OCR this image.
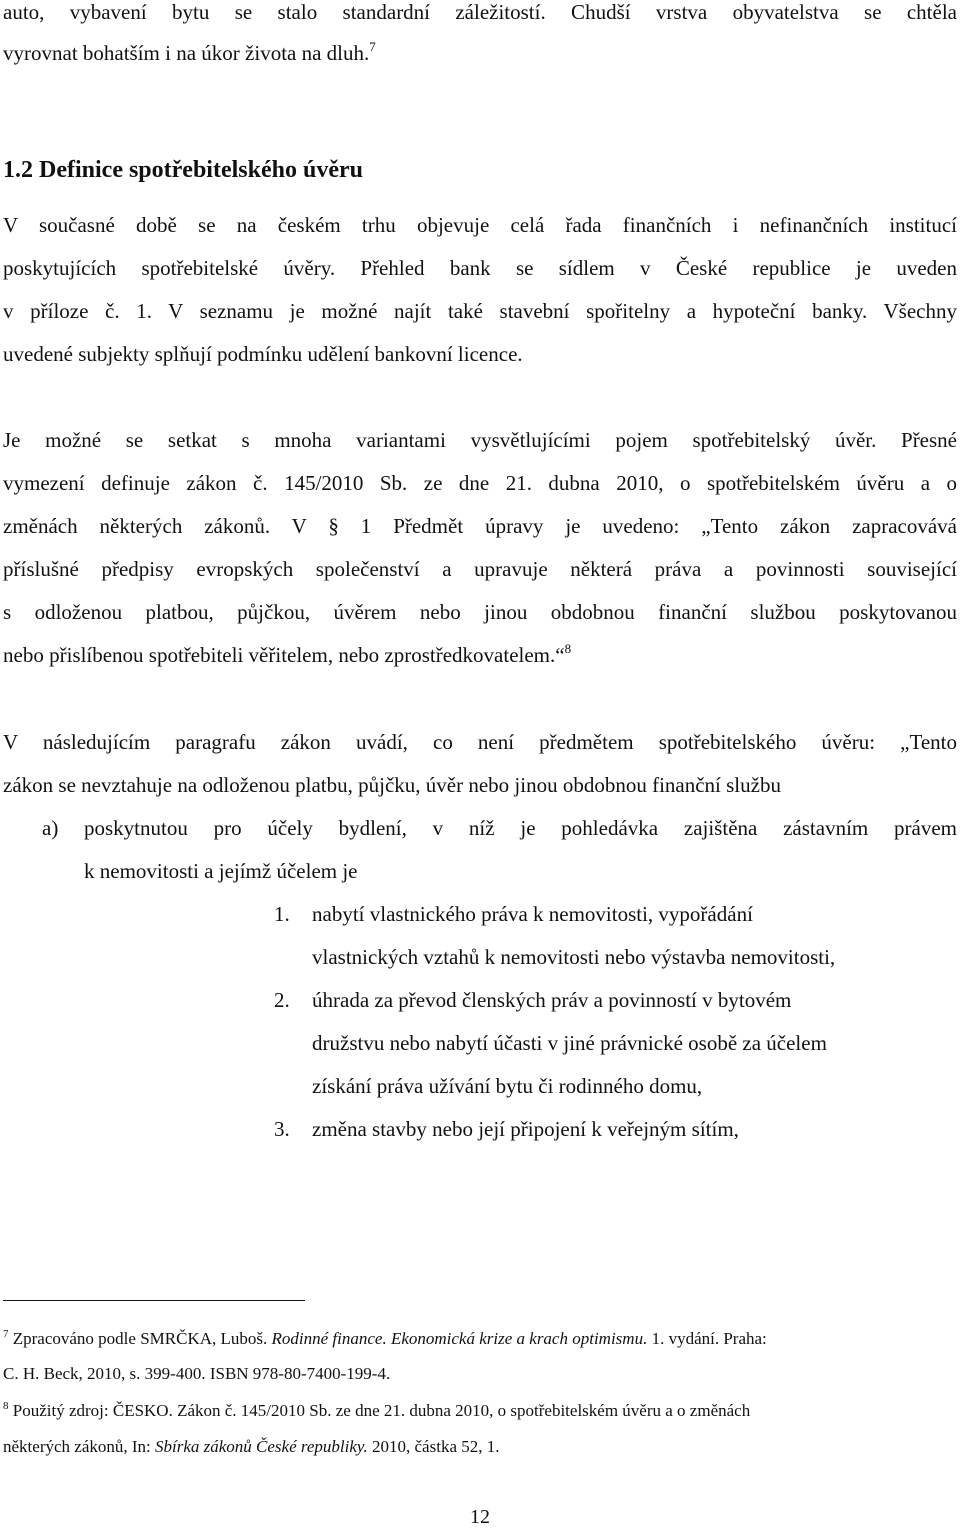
auto, vybavení bytu se stalo standardní záležitostí. Chudší vrstva obyvatelstva se chtěla
vyrovnat bohatším i na úkor života na dluh.$^7$
1.2 Definice spotřebitelského úvěru
V současné době se na českém trhu objevuje celá řada finančních i nefinančních institucí
poskytujících spotřebitelské úvěry. Přehled bank se sídlem v České republice je uveden
v příloze č. 1. V seznamu je možné najít také stavební spořitelny a hypoteční banky. Všechny
uvedené subjekty splňují podmínku udělení bankovní licence.
Je možné se setkat s mnoha variantami vysvětlujícími pojem spotřebitelský úvěr. Přesné
vymezení definuje zákon č. 145/2010 Sb. ze dne 21. dubna 2010, o spotřebitelském úvěru a o
změnách některých zákonů. V § 1 Předmět úpravy je uvedeno: „Tento zákon zapracovává
příslušné předpisy evropských společenství a upravuje některá práva a povinnosti související
s odloženou platbou, půjčkou, úvěrem nebo jinou obdobnou finanční službou poskytovanou
nebo přislíbenou spotřebiteli věřitelem, nebo zprostředkovatelem.“$^8$
V následujícím paragrafu zákon uvádí, co není předmětem spotřebitelského úvěru: „Tento
zákon se nevztahuje na odloženou platbu, půjčku, úvěr nebo jinou obdobnou finanční službu
a) poskytnutou pro účely bydlení, v níž je pohledávka zajištěna zástavním právem
k nemovitosti a jejímž účelem je
1. nabytí vlastnického práva k nemovitosti, vypořádání
vlastnických vztahů k nemovitosti nebo výstavba nemovitosti,
2. úhrada za převod členských práv a povinností v bytovém
družstvu nebo nabytí účasti v jiné právnické osobě za účelem
získání práva užívání bytu či rodinného domu,
3. změna stavby nebo její připojení k veřejným sítím,
$^7$ Zpracováno podle SMRČKA, Luboš. Rodinné finance. Ekonomická krize a krach optimismu. 1. vydání. Praha:
C. H. Beck, 2010, s. 399-400. ISBN 978-80-7400-199-4.
$^8$ Použitý zdroj: ČESKO. Zákon č. 145/2010 Sb. ze dne 21. dubna 2010, o spotřebitelském úvěru a o změnách
některých zákonů, In: Sbírka zákonů České republiky. 2010, částka 52, 1.
12
